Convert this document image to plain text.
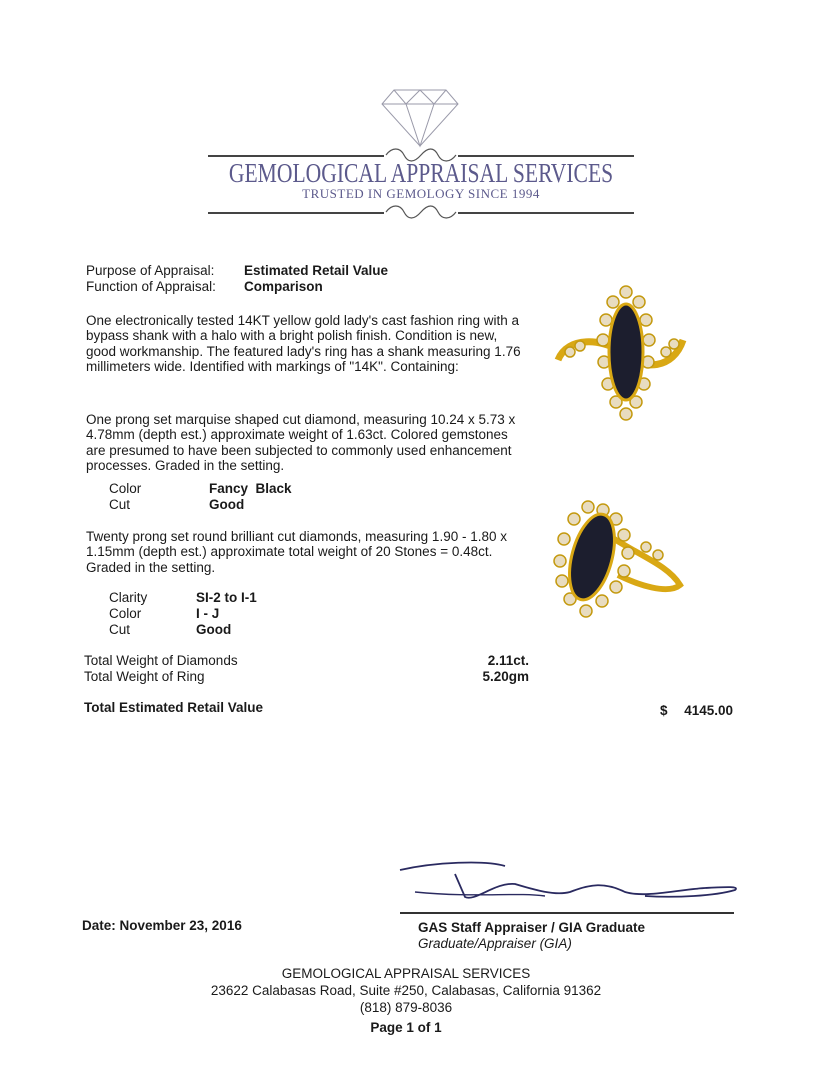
GEMOLOGICAL APPRAISAL SERVICES
TRUSTED IN GEMOLOGY SINCE 1994
Purpose of Appraisal: Estimated Retail Value
Function of Appraisal: Comparison
One electronically tested 14KT yellow gold lady's cast fashion ring with a bypass shank with a halo with a bright polish finish. Condition is new, good workmanship. The featured lady's ring has a shank measuring 1.76 millimeters wide. Identified with markings of "14K". Containing:
One prong set marquise shaped cut diamond, measuring 10.24 x 5.73 x 4.78mm (depth est.) approximate weight of 1.63ct. Colored gemstones are presumed to have been subjected to commonly used enhancement processes. Graded in the setting.
Color	Fancy  Black
Cut	Good
Twenty prong set round brilliant cut diamonds, measuring 1.90 - 1.80 x 1.15mm (depth est.) approximate total weight of 20 Stones = 0.48ct. Graded in the setting.
Clarity	SI-2 to I-1
Color	I - J
Cut	Good
Total Weight of Diamonds	2.11ct.
Total Weight of Ring	5.20gm
Total Estimated Retail Value	$ 4145.00
Date: November 23, 2016	GAS Staff Appraiser / GIA Graduate
Graduate/Appraiser (GIA)
GEMOLOGICAL APPRAISAL SERVICES
23622 Calabasas Road, Suite #250, Calabasas, California 91362
(818) 879-8036
Page 1 of 1
